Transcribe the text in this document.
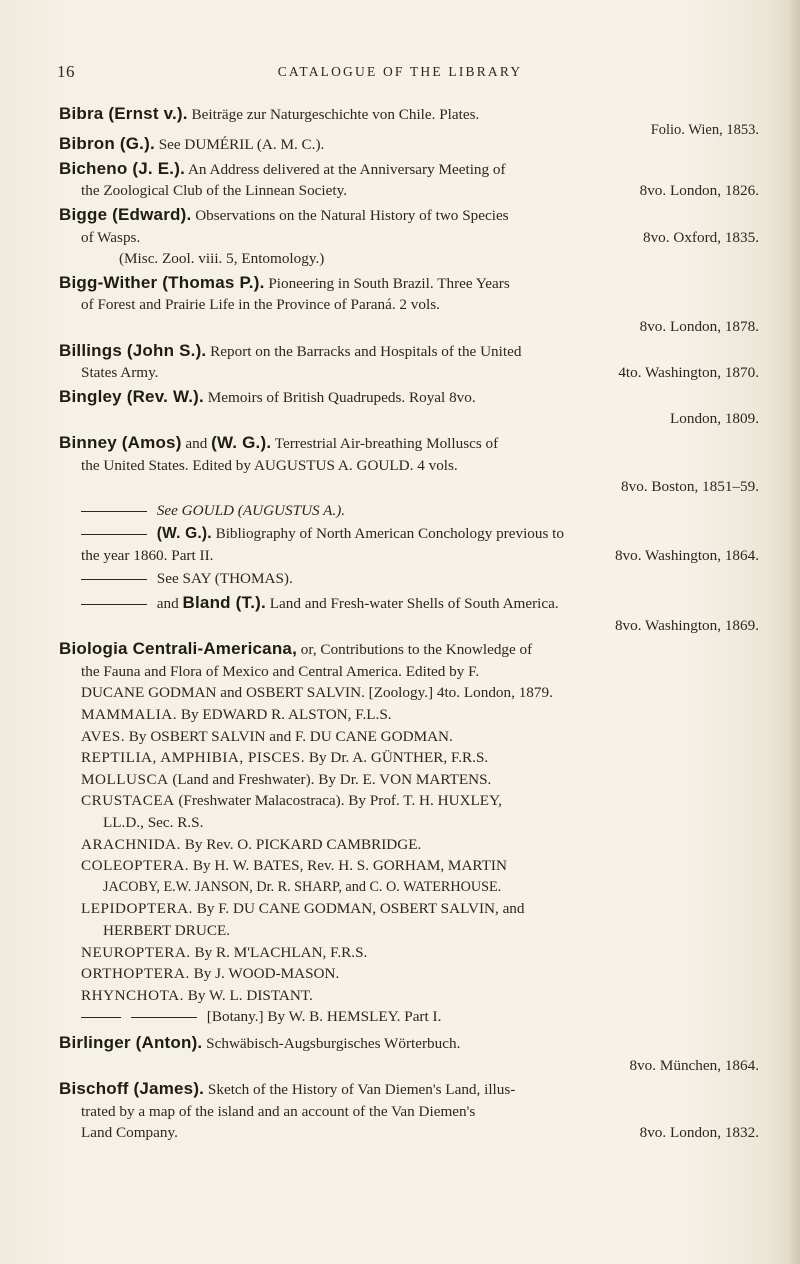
16	CATALOGUE OF THE LIBRARY
Bibra (Ernst v.). Beiträge zur Naturgeschichte von Chile. Plates.
Folio. Wien, 1853.
Bibron (G.). See DUMÉRIL (A. M. C.).
Bicheno (J. E.). An Address delivered at the Anniversary Meeting of
the Zoological Club of the Linnean Society.	8vo. London, 1826.
Bigge (Edward). Observations on the Natural History of two Species
of Wasps.	8vo. Oxford, 1835.
(Misc. Zool. viii. 5, Entomology.)
Bigg-Wither (Thomas P.). Pioneering in South Brazil. Three Years
of Forest and Prairie Life in the Province of Paraná. 2 vols.
8vo. London, 1878.
Billings (John S.). Report on the Barracks and Hospitals of the United
States Army.	4to. Washington, 1870.
Bingley (Rev. W.). Memoirs of British Quadrupeds. Royal 8vo.
London, 1809.
Binney (Amos) and (W. G.). Terrestrial Air-breathing Molluscs of
the United States. Edited by AUGUSTUS A. GOULD. 4 vols.
8vo. Boston, 1851–59.
See GOULD (AUGUSTUS A.).
(W. G.). Bibliography of North American Conchology previous to
the year 1860. Part II.	8vo. Washington, 1864.
See SAY (THOMAS).
and Bland (T.). Land and Fresh-water Shells of South America.
8vo. Washington, 1869.
Biologia Centrali-Americana, or, Contributions to the Knowledge of
the Fauna and Flora of Mexico and Central America. Edited by F.
DUCANE GODMAN and OSBERT SALVIN. [Zoology.] 4to. London, 1879.
MAMMALIA. By EDWARD R. ALSTON, F.L.S.
AVES. By OSBERT SALVIN and F. DU CANE GODMAN.
REPTILIA, AMPHIBIA, PISCES. By Dr. A. GÜNTHER, F.R.S.
MOLLUSCA (Land and Freshwater). By Dr. E. VON MARTENS.
CRUSTACEA (Freshwater Malacostraca). By Prof. T. H. HUXLEY,
LL.D., Sec. R.S.
ARACHNIDA. By Rev. O. PICKARD CAMBRIDGE.
COLEOPTERA. By H. W. BATES, Rev. H. S. GORHAM, MARTIN
JACOBY, E.W. JANSON, Dr. R. SHARP, and C. O. WATERHOUSE.
LEPIDOPTERA. By F. DU CANE GODMAN, OSBERT SALVIN, and
HERBERT DRUCE.
NEUROPTERA. By R. M'LACHLAN, F.R.S.
ORTHOPTERA. By J. WOOD-MASON.
RHYNCHOTA. By W. L. DISTANT.
[Botany.] By W. B. HEMSLEY. Part I.
Birlinger (Anton). Schwäbisch-Augsburgisches Wörterbuch.
8vo. München, 1864.
Bischoff (James). Sketch of the History of Van Diemen's Land, illus-
trated by a map of the island and an account of the Van Diemen's
Land Company.	8vo. London, 1832.
